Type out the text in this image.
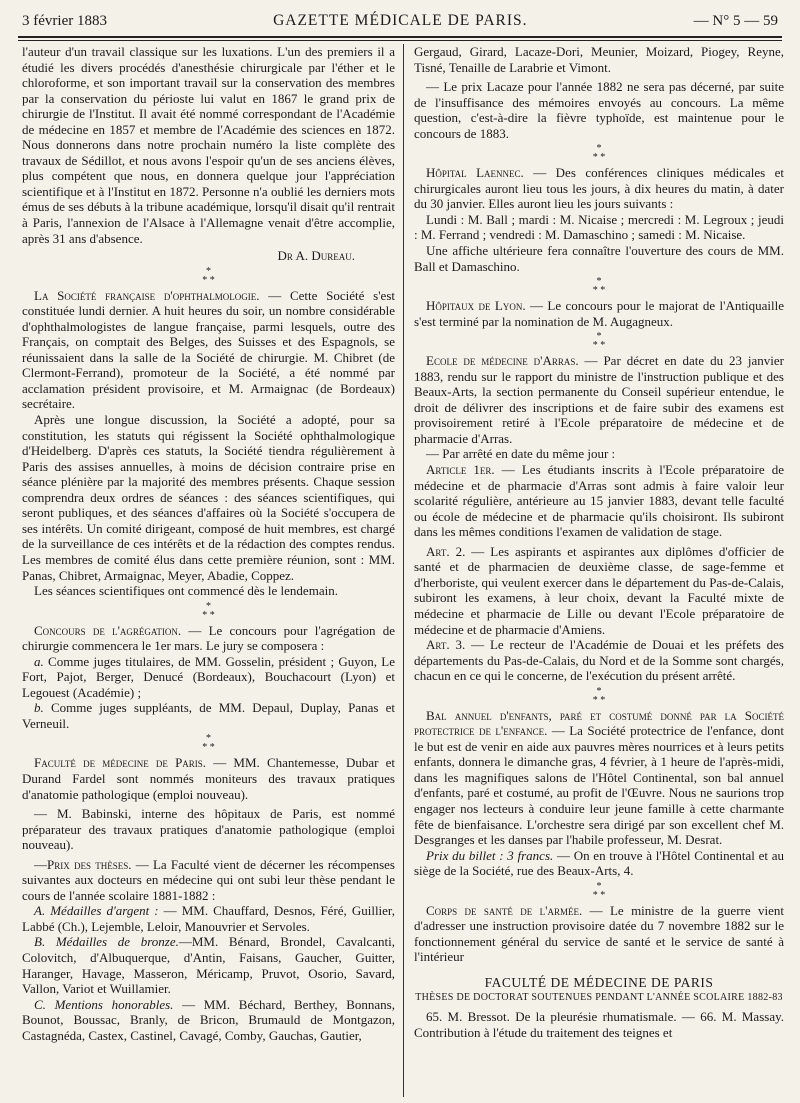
3 février 1883	GAZETTE MÉDICALE DE PARIS.	— N° 5 — 59

l'auteur d'un travail classique sur les luxations. L'un des premiers il a étudié les divers procédés d'anesthésie chirurgicale par l'éther et le chloroforme, et son important travail sur la conservation des membres par la conservation du périoste lui valut en 1867 le grand prix de chirurgie de l'Institut. Il avait été nommé correspondant de l'Académie de médecine en 1857 et membre de l'Académie des sciences en 1872. Nous donnerons dans notre prochain numéro la liste complète des travaux de Sédillot, et nous avons l'espoir qu'un de ses anciens élèves, plus compétent que nous, en donnera quelque jour l'appréciation scientifique et à l'Institut en 1872. Personne n'a oublié les derniers mots émus de ses débuts à la tribune académique, lorsqu'il disait qu'il rentrait à Paris, l'annexion de l'Alsace à l'Allemagne venait d'être accomplie, après 31 ans d'absence.

Dr A. Dureau.

*
* *

La Société française d'ophthalmologie. — Cette Société s'est constituée lundi dernier. A huit heures du soir, un nombre considérable d'ophthalmologistes de langue française, parmi lesquels, outre des Français, on comptait des Belges, des Suisses et des Espagnols, se réunissaient dans la salle de la Société de chirurgie. M. Chibret (de Clermont-Ferrand), promoteur de la Société, a été nommé par acclamation président provisoire, et M. Armaignac (de Bordeaux) secrétaire.

Après une longue discussion, la Société a adopté, pour sa constitution, les statuts qui régissent la Société ophthalmologique d'Heidelberg. D'après ces statuts, la Société tiendra régulièrement à Paris des assises annuelles, à moins de décision contraire prise en séance plénière par la majorité des membres présents. Chaque session comprendra deux ordres de séances : des séances scientifiques, qui seront publiques, et des séances d'affaires où la Société s'occupera de ses intérêts. Un comité dirigeant, composé de huit membres, est chargé de la surveillance de ces intérêts et de la rédaction des comptes rendus. Les membres de comité élus dans cette première réunion, sont : MM. Panas, Chibret, Armaignac, Meyer, Abadie, Coppez.

Les séances scientifiques ont commencé dès le lendemain.

*
* *

Concours de l'agrégation. — Le concours pour l'agrégation de chirurgie commencera le 1er mars. Le jury se composera :

a. Comme juges titulaires, de MM. Gosselin, président ; Guyon, Le Fort, Pajot, Berger, Denucé (Bordeaux), Bouchacourt (Lyon) et Legouest (Académie) ;

b. Comme juges suppléants, de MM. Depaul, Duplay, Panas et Verneuil.

*
* *

Faculté de médecine de Paris. — MM. Chantemesse, Dubar et Durand Fardel sont nommés moniteurs des travaux pratiques d'anatomie pathologique (emploi nouveau).

— M. Babinski, interne des hôpitaux de Paris, est nommé préparateur des travaux pratiques d'anatomie pathologique (emploi nouveau).

—Prix des thèses. — La Faculté vient de décerner les récompenses suivantes aux docteurs en médecine qui ont subi leur thèse pendant le cours de l'année scolaire 1881-1882 :

A. Médailles d'argent : — MM. Chauffard, Desnos, Féré, Guillier, Labbé (Ch.), Lejemble, Leloir, Manouvrier et Servoles.

B. Médailles de bronze.—MM. Bénard, Brondel, Cavalcanti, Colovitch, d'Albuquerque, d'Antin, Faisans, Gaucher, Guitter, Haranger, Havage, Masseron, Méricamp, Pruvot, Osorio, Savard, Vallon, Variot et Wuillamier.

C. Mentions honorables. — MM. Béchard, Berthey, Bonnans, Bounot, Boussac, Branly, de Bricon, Brumauld de Montgazon, Castagnéda, Castex, Castinel, Cavagé, Comby, Gauchas, Gautier,

Gergaud, Girard, Lacaze-Dori, Meunier, Moizard, Piogey, Reyne, Tisné, Tenaille de Larabrie et Vimont.

— Le prix Lacaze pour l'année 1882 ne sera pas décerné, par suite de l'insuffisance des mémoires envoyés au concours. La même question, c'est-à-dire la fièvre typhoïde, est maintenue pour le concours de 1883.

*
* *

Hôpital Laennec. — Des conférences cliniques médicales et chirurgicales auront lieu tous les jours, à dix heures du matin, à dater du 30 janvier. Elles auront lieu les jours suivants :

Lundi : M. Ball ; mardi : M. Nicaise ; mercredi : M. Legroux ; jeudi : M. Ferrand ; vendredi : M. Damaschino ; samedi : M. Nicaise.

Une affiche ultérieure fera connaître l'ouverture des cours de MM. Ball et Damaschino.

*
* *

Hôpitaux de Lyon. — Le concours pour le majorat de l'Antiquaille s'est terminé par la nomination de M. Augagneux.

*
* *

Ecole de médecine d'Arras. — Par décret en date du 23 janvier 1883, rendu sur le rapport du ministre de l'instruction publique et des Beaux-Arts, la section permanente du Conseil supérieur entendue, le droit de délivrer des inscriptions et de faire subir des examens est provisoirement retiré à l'Ecole préparatoire de médecine et de pharmacie d'Arras.

— Par arrêté en date du même jour :

Article 1er. — Les étudiants inscrits à l'Ecole préparatoire de médecine et de pharmacie d'Arras sont admis à faire valoir leur scolarité régulière, antérieure au 15 janvier 1883, devant telle faculté ou école de médecine et de pharmacie qu'ils choisiront. Ils subiront dans les mêmes conditions l'examen de validation de stage.

Art. 2. — Les aspirants et aspirantes aux diplômes d'officier de santé et de pharmacien de deuxième classe, de sage-femme et d'herboriste, qui veulent exercer dans le département du Pas-de-Calais, subiront les examens, à leur choix, devant la Faculté mixte de médecine et pharmacie de Lille ou devant l'Ecole préparatoire de médecine et de pharmacie d'Amiens.

Art. 3. — Le recteur de l'Académie de Douai et les préfets des départements du Pas-de-Calais, du Nord et de la Somme sont chargés, chacun en ce qui le concerne, de l'exécution du présent arrêté.

*
* *

Bal annuel d'enfants, paré et costumé donné par la Société protectrice de l'enfance. — La Société protectrice de l'enfance, dont le but est de venir en aide aux pauvres mères nourrices et à leurs petits enfants, donnera le dimanche gras, 4 février, à 1 heure de l'après-midi, dans les magnifiques salons de l'Hôtel Continental, son bal annuel d'enfants, paré et costumé, au profit de l'Œuvre. Nous ne saurions trop engager nos lecteurs à conduire leur jeune famille à cette charmante fête de bienfaisance. L'orchestre sera dirigé par son excellent chef M. Desgranges et les danses par l'habile professeur, M. Desrat.

Prix du billet : 3 francs. — On en trouve à l'Hôtel Continental et au siège de la Société, rue des Beaux-Arts, 4.

*
* *

Corps de santé de l'armée. — Le ministre de la guerre vient d'adresser une instruction provisoire datée du 7 novembre 1882 sur le fonctionnement général du service de santé et le service de santé à l'intérieur

FACULTÉ DE MÉDECINE DE PARIS

THÈSES DE DOCTORAT SOUTENUES PENDANT L'ANNÉE SCOLAIRE 1882-83

65. M. Bressot. De la pleurésie rhumatismale. — 66. M. Massay. Contribution à l'étude du traitement des teignes et
